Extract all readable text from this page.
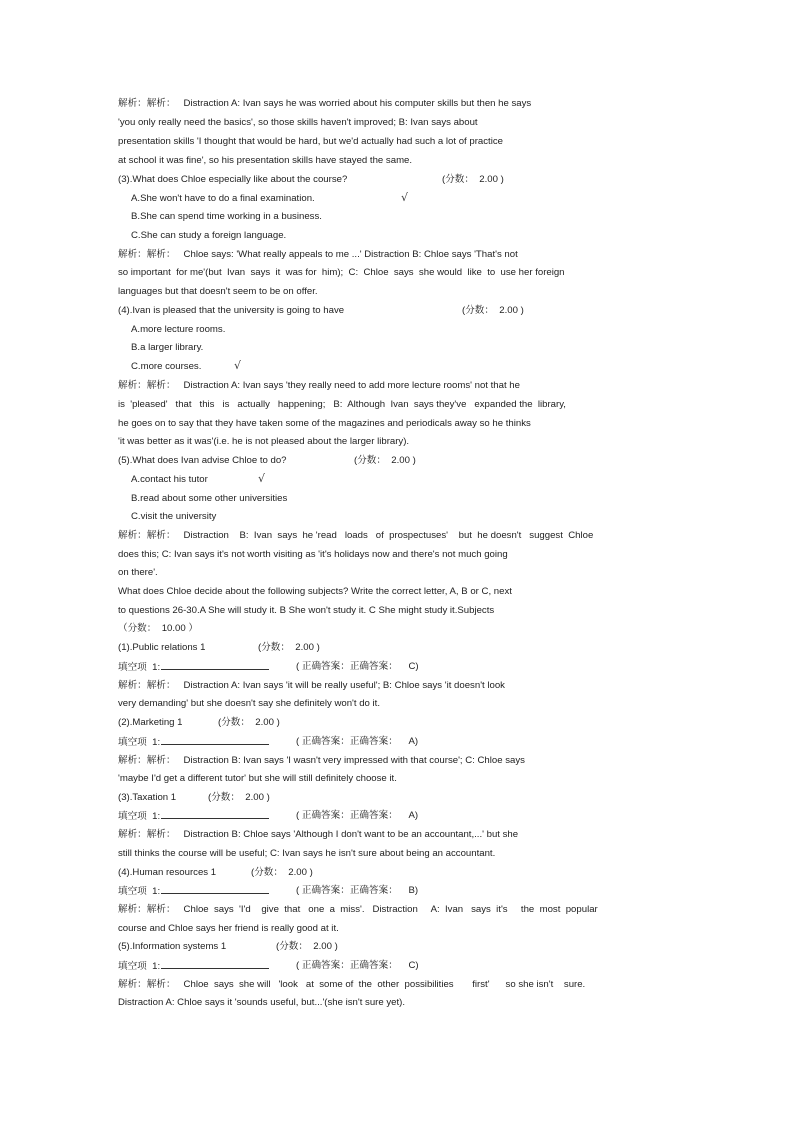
解析：解析：   Distraction A: Ivan says he was worried about his computer skills but then he says
'you only really need the basics', so those skills haven't improved; B: Ivan says about
presentation skills 'I thought that would be hard, but we'd actually had such a lot of practice
at school it was fine', so his presentation skills have stayed the same.
(3).What does Chloe especially like about the course?	(分数：  2.00 )
A.She won't have to do a final examination.	√
B.She can spend time working in a business.
C.She can study a foreign language.
解析：解析：   Chloe says: 'What really appeals to me ...' Distraction B: Chloe says 'That's not
so important  for me'(but  Ivan  says  it  was for  him);  C:  Chloe  says  she would  like  to  use her foreign
languages but that doesn't seem to be on offer.
(4).Ivan is pleased that the university is going to have	(分数：  2.00 )
A.more lecture rooms.
B.a larger library.
C.more courses.	√
解析：解析：   Distraction A: Ivan says 'they really need to add more lecture rooms' not that he
is  'pleased'   that   this   is   actually   happening;   B:  Although  Ivan  says they've   expanded the  library,
he goes on to say that they have taken some of the magazines and periodicals away so he thinks
'it was better as it was'(i.e. he is not pleased about the larger library).
(5).What does Ivan advise Chloe to do?	(分数：  2.00 )
A.contact his tutor	√
B.read about some other universities
C.visit the university
解析：解析：   Distraction    B:  Ivan  says  he 'read   loads   of  prospectuses'    but  he doesn't   suggest  Chloe
does this; C: Ivan says it's not worth visiting as 'it's holidays now and there's not much going
on there'.
What does Chloe decide about the following subjects? Write the correct letter, A, B or C, next
to questions 26-30.A She will study it. B She won't study it. C She might study it.Subjects
（分数：  10.00 ）
(1).Public relations 1	(分数：  2.00 )
填空项  1:	( 正确答案：正确答案：    C)
解析：解析：   Distraction A: Ivan says 'it will be really useful'; B: Chloe says 'it doesn't look
very demanding' but she doesn't say she definitely won't do it.
(2).Marketing 1	(分数：  2.00 )
填空项  1:	( 正确答案：正确答案：    A)
解析：解析：   Distraction B: Ivan says 'I wasn't very impressed with that course'; C: Chloe says
'maybe I'd get a different tutor' but she will still definitely choose it.
(3).Taxation 1	(分数：  2.00 )
填空项  1:	( 正确答案：正确答案：    A)
解析：解析：   Distraction B: Chloe says 'Although I don't want to be an accountant,...' but she
still thinks the course will be useful; C: Ivan says he isn't sure about being an accountant.
(4).Human resources 1	(分数：  2.00 )
填空项  1:	( 正确答案：正确答案：    B)
解析：解析：   Chloe  says  'I'd    give  that   one  a  miss'.   Distraction     A:  Ivan   says  it's     the  most  popular
course and Chloe says her friend is really good at it.
(5).Information systems 1	(分数：  2.00 )
填空项  1:	( 正确答案：正确答案：    C)
解析：解析：   Chloe  says  she will   'look   at  some of  the  other  possibilities       first'      so she isn't    sure.
Distraction A: Chloe says it 'sounds useful, but...'(she isn't sure yet).
